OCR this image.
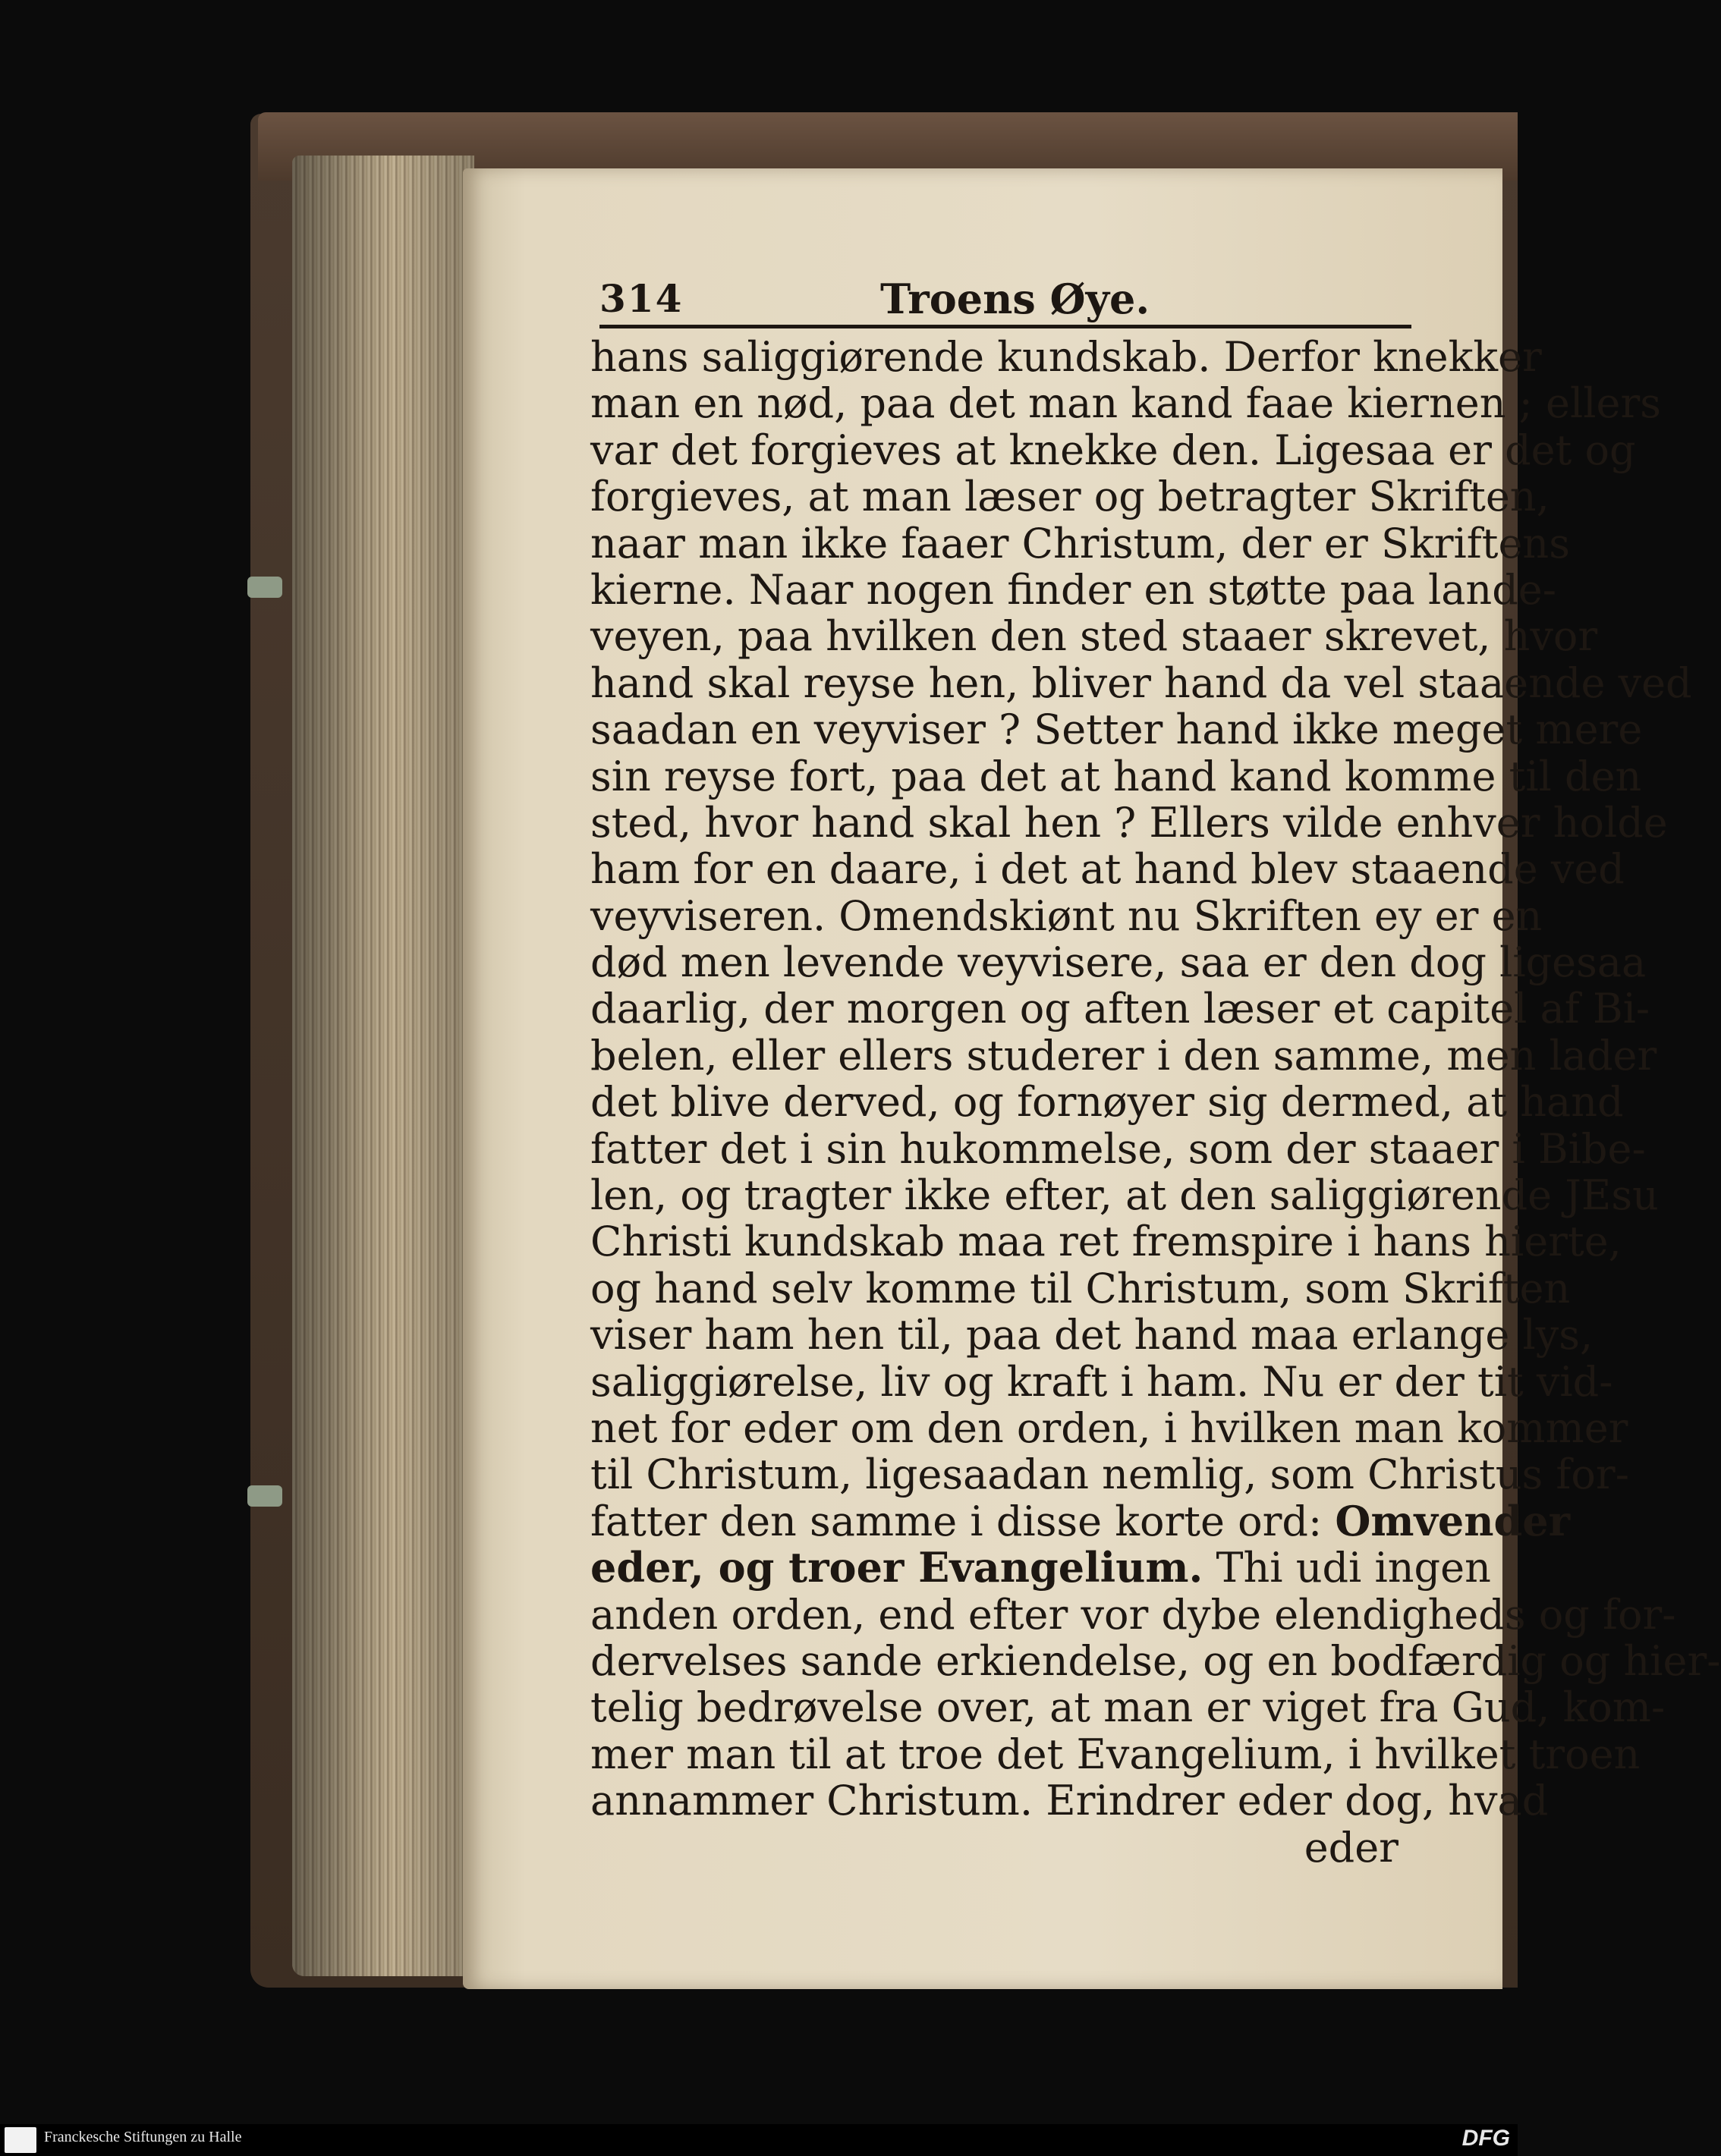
314	Troens Øye.
hans saliggiørende kundskab. Derfor knekker
man en nød, paa det man kand faae kiernen ; ellers
var det forgieves at knekke den. Ligesaa er det og
forgieves, at man læser og betragter Skriften,
naar man ikke faaer Christum, der er Skriftens
kierne. Naar nogen finder en støtte paa lande-
veyen, paa hvilken den sted staaer skrevet, hvor
hand skal reyse hen, bliver hand da vel staaende ved
saadan en veyviser ? Setter hand ikke meget mere
sin reyse fort, paa det at hand kand komme til den
sted, hvor hand skal hen ? Ellers vilde enhver holde
ham for en daare, i det at hand blev staaende ved
veyviseren. Omendskiønt nu Skriften ey er en
død men levende veyvisere, saa er den dog ligesaa
daarlig, der morgen og aften læser et capitel af Bi-
belen, eller ellers studerer i den samme, men lader
det blive derved, og fornøyer sig dermed, at hand
fatter det i sin hukommelse, som der staaer i Bibe-
len, og tragter ikke efter, at den saliggiørende JEsu
Christi kundskab maa ret fremspire i hans hierte,
og hand selv komme til Christum, som Skriften
viser ham hen til, paa det hand maa erlange lys,
saliggiørelse, liv og kraft i ham. Nu er der tit vid-
net for eder om den orden, i hvilken man kommer
til Christum, ligesaadan nemlig, som Christus for-
fatter den samme i disse korte ord: Omvender
eder, og troer Evangelium. Thi udi ingen
anden orden, end efter vor dybe elendigheds og for-
dervelses sande erkiendelse, og en bodfærdig og hier-
telig bedrøvelse over, at man er viget fra Gud, kom-
mer man til at troe det Evangelium, i hvilket troen
annammer Christum. Erindrer eder dog, hvad
eder
Franckesche Stiftungen zu Halle	DFG
